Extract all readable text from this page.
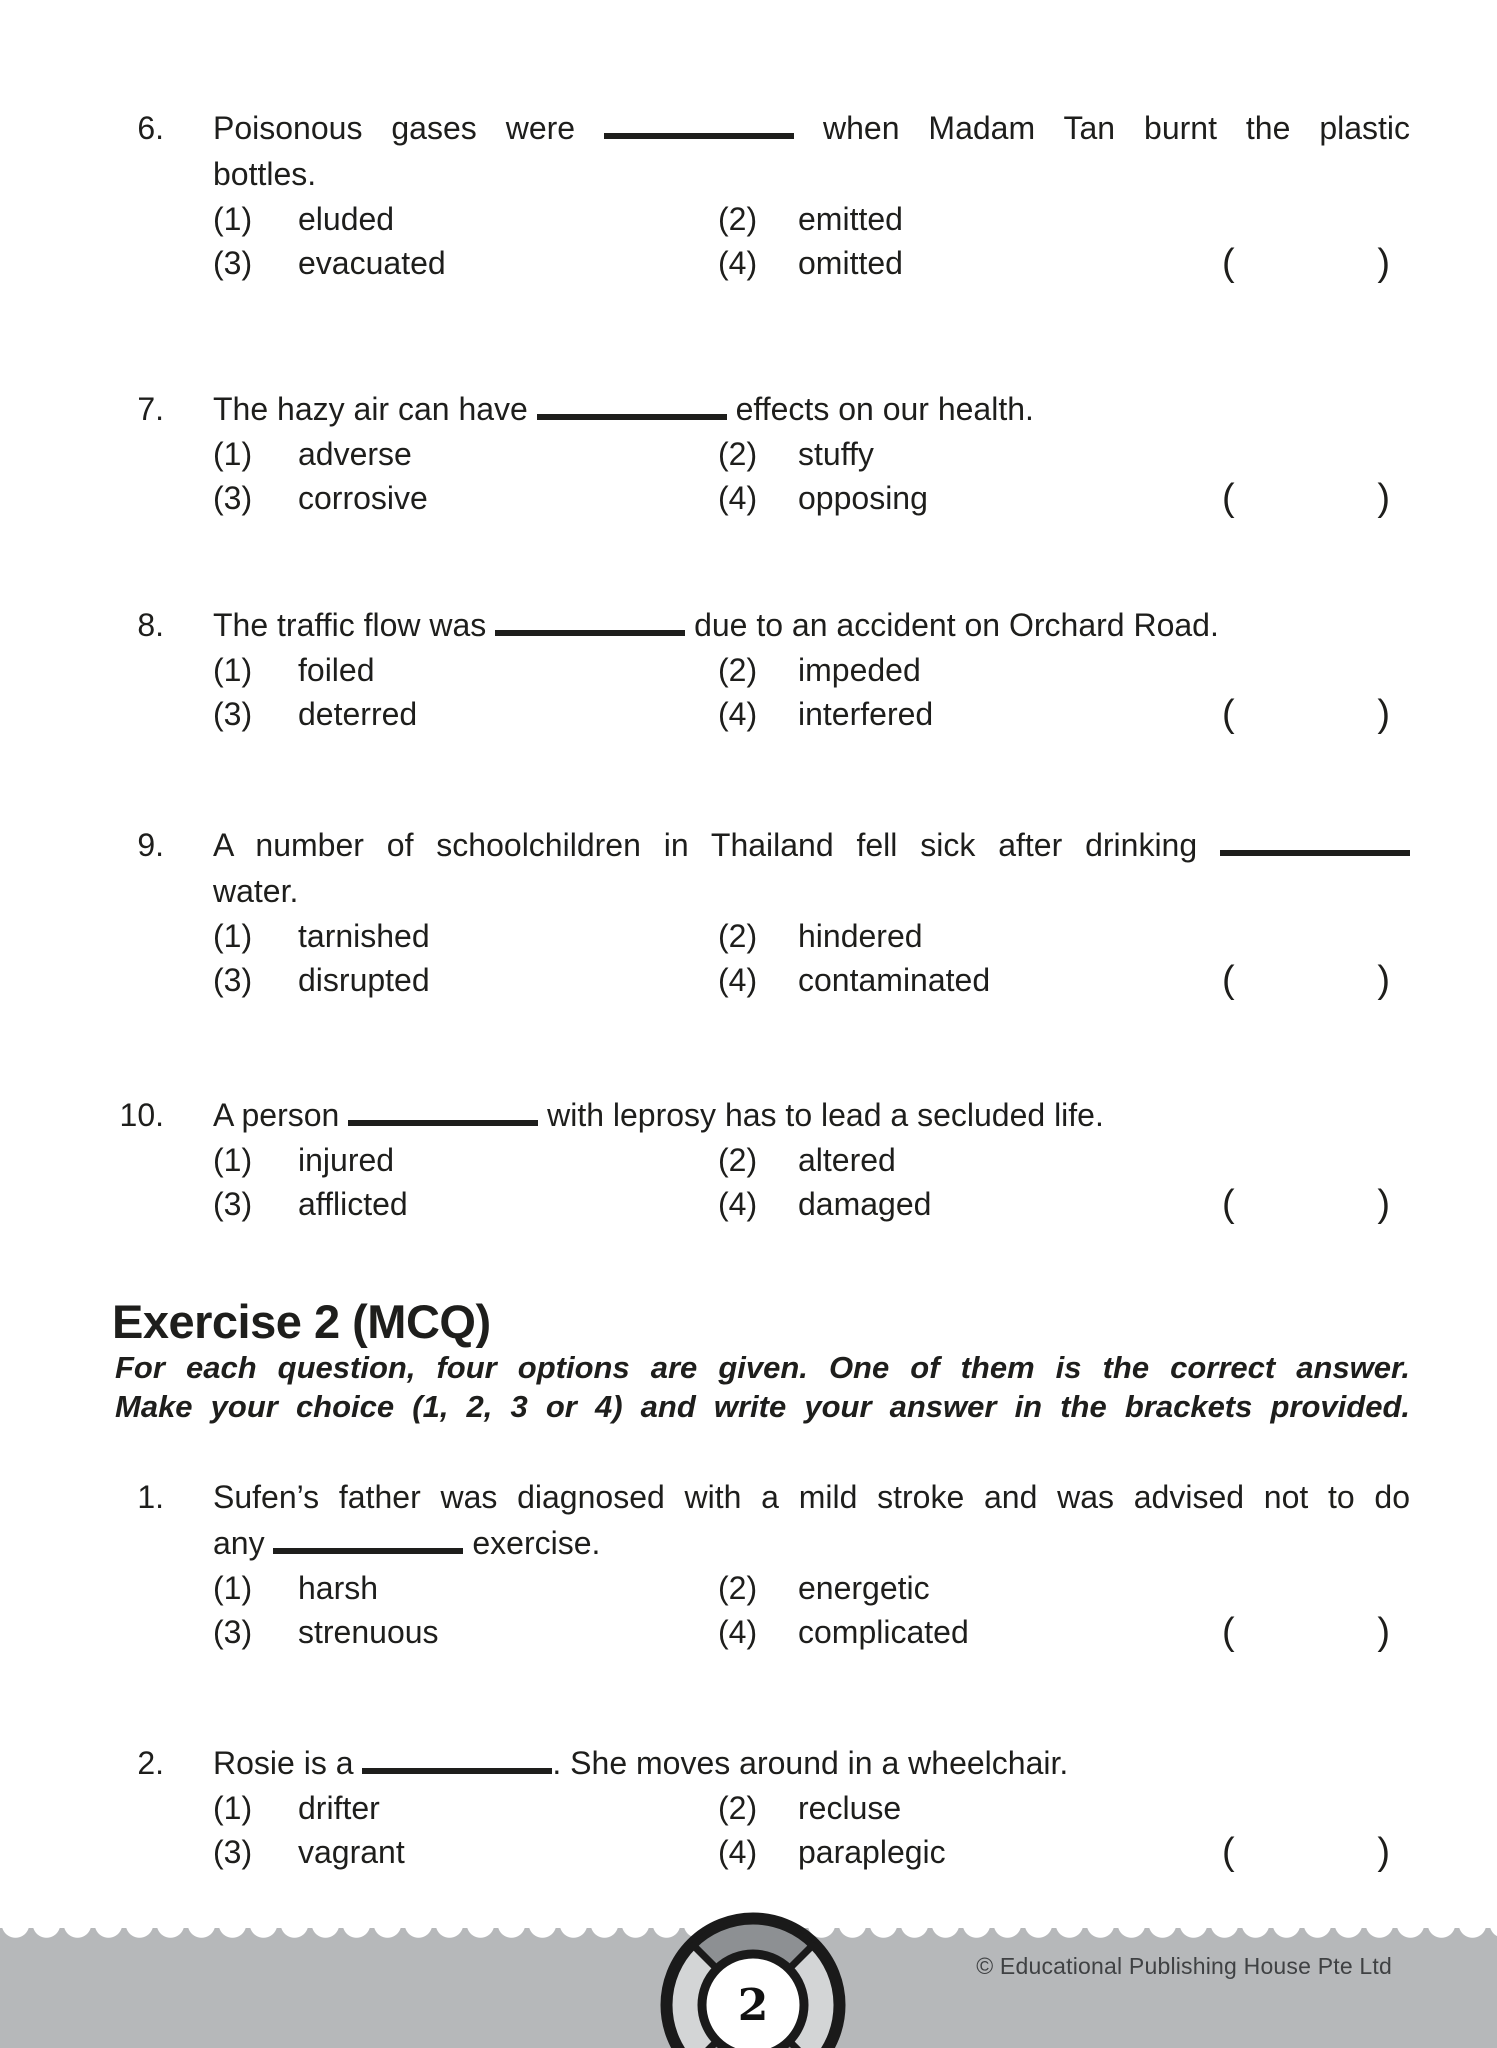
6. Poisonous gases were	when Madam Tan burnt the plastic
bottles.
(1)	eluded	(2)	emitted
(3)	evacuated	(4)	omitted	(	)
7. The hazy air can have	effects on our health.
(1)	adverse	(2)	stuffy
(3)	corrosive	(4)	opposing	(	)
8. The traffic flow was	due to an accident on Orchard Road.
(1)	foiled	(2)	impeded
(3)	deterred	(4)	interfered	(	)
9. A number of schoolchildren in Thailand fell sick after drinking
water.
(1)	tarnished	(2)	hindered
(3)	disrupted	(4)	contaminated	(	)
10. A person	with leprosy has to lead a secluded life.
(1)	injured	(2)	altered
(3)	afflicted	(4)	damaged	(	)
Exercise 2 (MCQ)
For each question, four options are given. One of them is the correct answer.
Make your choice (1, 2, 3 or 4) and write your answer in the brackets provided.
1. Sufen’s father was diagnosed with a mild stroke and was advised not to do
any	exercise.
(1)	harsh	(2)	energetic
(3)	strenuous	(4)	complicated	(	)
2. Rosie is a	. She moves around in a wheelchair.
(1)	drifter	(2)	recluse
(3)	vagrant	(4)	paraplegic	(	)
© Educational Publishing House Pte Ltd
2
